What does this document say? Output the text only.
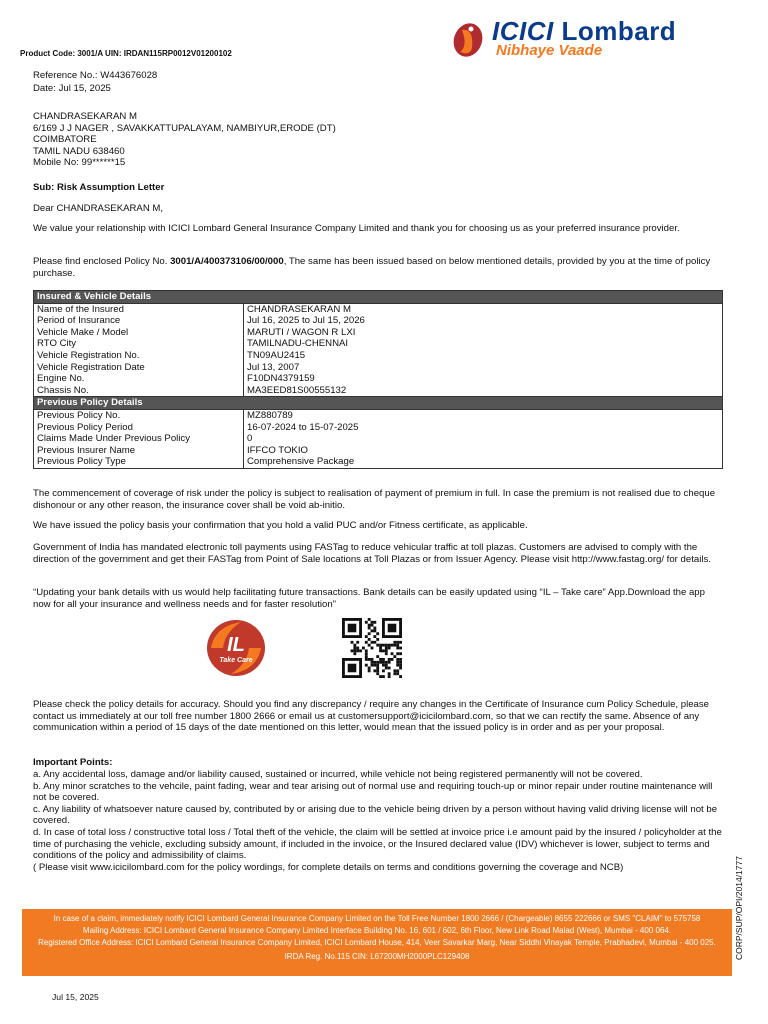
Product Code: 3001/A UIN: IRDAN115RP0012V01200102
ICICI Lombard
Nibhaye Vaade
Reference No.: W443676028
Date: Jul 15, 2025
CHANDRASEKARAN M
6/169 J J NAGER , SAVAKKATTUPALAYAM, NAMBIYUR,ERODE (DT)
COIMBATORE
TAMIL NADU 638460
Mobile No: 99******15
Sub: Risk Assumption Letter
Dear CHANDRASEKARAN M,
We value your relationship with ICICI Lombard General Insurance Company Limited and thank you for choosing us as your preferred insurance provider.
Please find enclosed Policy No. 3001/A/400373106/00/000, The same has been issued based on below mentioned details, provided by you at the time of policy purchase.
Insured & Vehicle Details	
Name of the Insured	CHANDRASEKARAN M
Period of Insurance	Jul 16, 2025 to Jul 15, 2026
Vehicle Make / Model	MARUTI / WAGON R LXI
RTO City	TAMILNADU-CHENNAI
Vehicle Registration No.	TN09AU2415
Vehicle Registration Date	Jul 13, 2007
Engine No.	F10DN4379159
Chassis No.	MA3EED81S00555132
Previous Policy Details	
Previous Policy No.	MZ880789
Previous Policy Period	16-07-2024 to 15-07-2025
Claims Made Under Previous Policy	0
Previous Insurer Name	IFFCO TOKIO
Previous Policy Type	Comprehensive Package
The commencement of coverage of risk under the policy is subject to realisation of payment of premium in full. In case the premium is not realised due to cheque dishonour or any other reason, the insurance cover shall be void ab-initio.
We have issued the policy basis your confirmation that you hold a valid PUC and/or Fitness certificate, as applicable.
Government of India has mandated electronic toll payments using FASTag to reduce vehicular traffic at toll plazas. Customers are advised to comply with the direction of the government and get their FASTag from Point of Sale locations at Toll Plazas or from Issuer Agency. Please visit http://www.fastag.org/ for details.
“Updating your bank details with us would help facilitating future transactions. Bank details can be easily updated using “IL – Take care” App.Download the app now for all your insurance and wellness needs and for faster resolution”
IL
Take Care

Please check the policy details for accuracy. Should you find any discrepancy / require any changes in the Certificate of Insurance cum Policy Schedule, please contact us immediately at our toll free number 1800 2666 or email us at customersupport@icicilombard.com, so that we can rectify the same. Absence of any communication within a period of 15 days of the date mentioned on this letter, would mean that the issued policy is in order and as per your proposal.
Important Points:
a. Any accidental loss, damage and/or liability caused, sustained or incurred, while vehicle not being registered permanently will not be covered.
b. Any minor scratches to the vehcile, paint fading, wear and tear arising out of normal use and requiring touch-up or minor repair under routine maintenance will not be covered.
c. Any liability of whatsoever nature caused by, contributed by or arising due to the vehicle being driven by a person without having valid driving license will not be covered.
d. In case of total loss / constructive total loss / Total theft of the vehicle, the claim will be settled at invoice price i.e amount paid by the insured / policyholder at the time of purchasing the vehicle, excluding subsidy amount, if included in the invoice, or the Insured declared value (IDV) whichever is lower, subject to terms and conditions of the policy and admissibility of claims.
( Please visit www.icicilombard.com for the policy wordings, for complete details on terms and conditions governing the coverage and NCB)
In case of a claim, immediately notify ICICI Lombard General Insurance Company Limited on the Toll Free Number 1800 2666 / (Chargeable) 8655 222666 or SMS "CLAIM" to 575758
Mailing Address: ICICI Lombard General Insurance Company Limited Interface Building No. 16, 601 / 602, 6th Floor, New Link Road Malad (West), Mumbai - 400 064.
Registered Office Address: ICICI Lombard General Insurance Company Limited, ICICI Lombard House, 414, Veer Savarkar Marg, Near Siddhi Vinayak Temple, Prabhadevi, Mumbai - 400 025.
IRDA Reg. No.115 CIN: L67200MH2000PLC129408
Jul 15, 2025
CORP/SUP/OPI/2014/1777
